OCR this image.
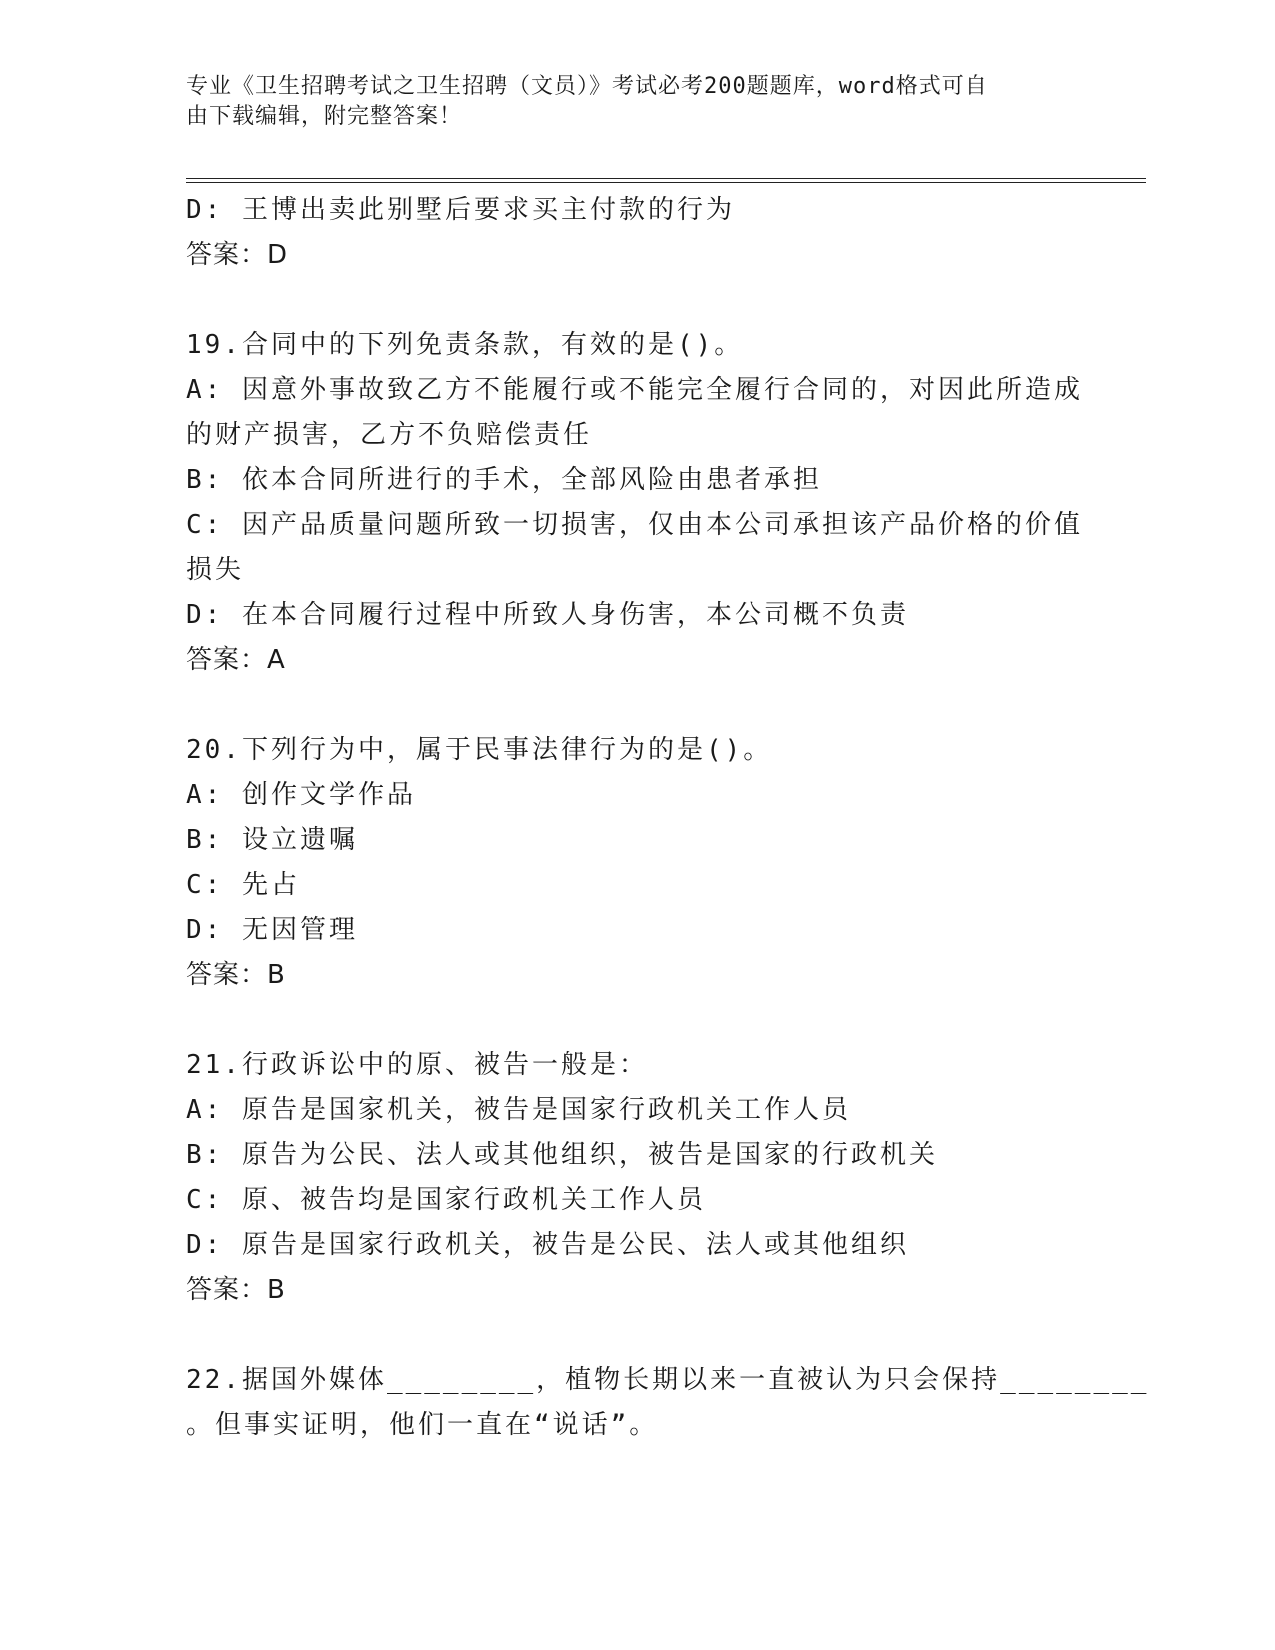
专业《卫生招聘考试之卫生招聘（文员）》考试必考200题题库，word格式可自
由下载编辑，附完整答案！
D: 王博出卖此别墅后要求买主付款的行为
答案：D
19.合同中的下列免责条款，有效的是()。
A: 因意外事故致乙方不能履行或不能完全履行合同的，对因此所造成
的财产损害，乙方不负赔偿责任
B: 依本合同所进行的手术，全部风险由患者承担
C: 因产品质量问题所致一切损害，仅由本公司承担该产品价格的价值
损失
D: 在本合同履行过程中所致人身伤害，本公司概不负责
答案：A
20.下列行为中，属于民事法律行为的是()。
A: 创作文学作品
B: 设立遗嘱
C: 先占
D: 无因管理
答案：B
21.行政诉讼中的原、被告一般是：
A: 原告是国家机关，被告是国家行政机关工作人员
B: 原告为公民、法人或其他组织，被告是国家的行政机关
C: 原、被告均是国家行政机关工作人员
D: 原告是国家行政机关，被告是公民、法人或其他组织
答案：B
22.据国外媒体________，植物长期以来一直被认为只会保持________
。但事实证明，他们一直在“说话”。
